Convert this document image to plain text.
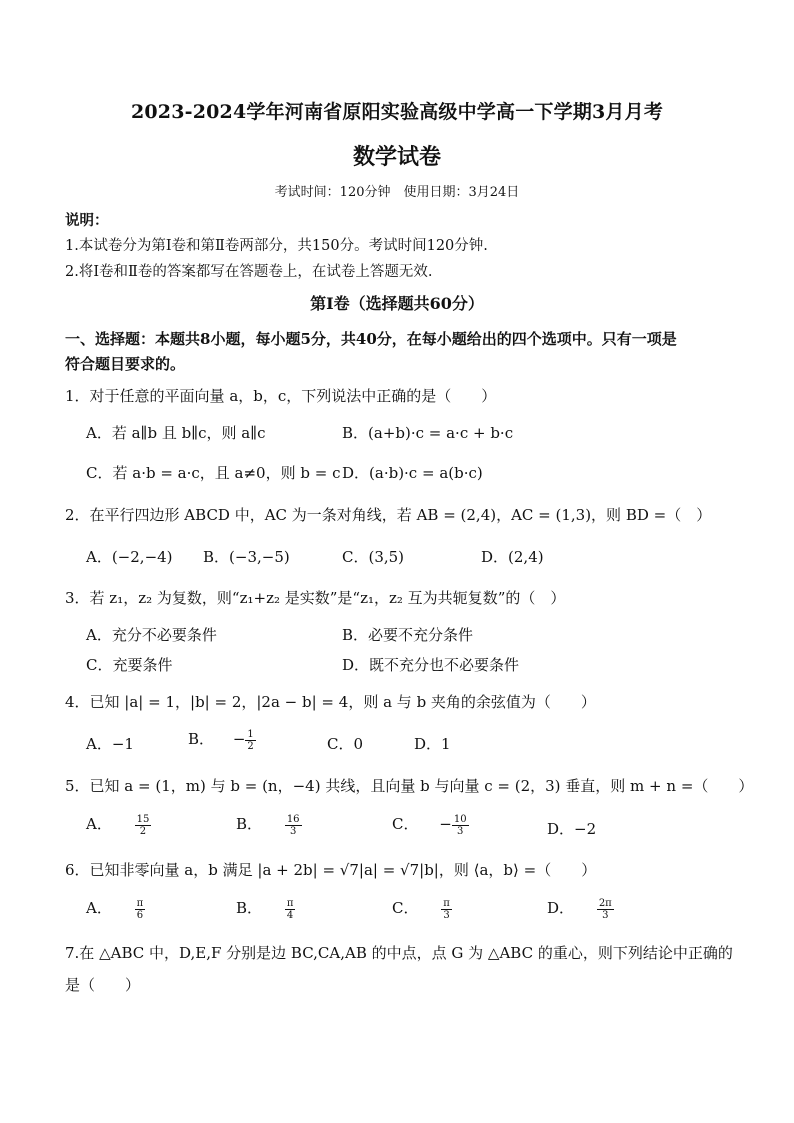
2023-2024学年河南省原阳实验高级中学高一下学期3月月考
数学试卷
考试时间：120分钟　使用日期：3月24日
说明：
1.本试卷分为第Ⅰ卷和第Ⅱ卷两部分，共150分。考试时间120分钟.
2.将Ⅰ卷和Ⅱ卷的答案都写在答题卷上，在试卷上答题无效.
第Ⅰ卷（选择题共60分）
一、选择题：本题共8小题，每小题5分，共40分，在每小题给出的四个选项中。只有一项是
符合题目要求的。
1．对于任意的平面向量 a，b，c，下列说法中正确的是（　　）
A．若 a∥b 且 b∥c，则 a∥c	B．(a+b)·c = a·c + b·c
C．若 a·b = a·c，且 a≠0，则 b = c D．(a·b)·c = a(b·c)
2．在平行四边形 ABCD 中，AC 为一条对角线，若 AB = (2,4)，AC = (1,3)，则 BD =（　）
A．(−2,−4) B．(−3,−5)	C．(3,5)	D．(2,4)
3．若 z₁，z₂ 为复数，则“z₁+z₂ 是实数”是“z₁，z₂ 互为共轭复数”的（　）
A．充分不必要条件	B．必要不充分条件
C．充要条件	D．既不充分也不必要条件
4．已知 |a| = 1，|b| = 2，|2a − b| = 4，则 a 与 b 夹角的余弦值为（　　）
A．−1	B． − $\frac{1}{2}$	C．0	D．1
5．已知 a = (1，m) 与 b = (n，−4) 共线，且向量 b 与向量 c = (2，3) 垂直，则 m + n =（　　）
A． $\frac{15}{2}$	B． $\frac{16}{3}$	C． − $\frac{10}{3}$	D．−2
6．已知非零向量 a，b 满足 |a + 2b| = √7|a| = √7|b|，则 ⟨a，b⟩ =（　　）
A． $\frac{\pi}{6}$	B． $\frac{\pi}{4}$	C． $\frac{\pi}{3}$	D． $\frac{2\pi}{3}$
7.在 △ABC 中，D,E,F 分别是边 BC,CA,AB 的中点，点 G 为 △ABC 的重心，则下列结论中正确的
是（　　）
